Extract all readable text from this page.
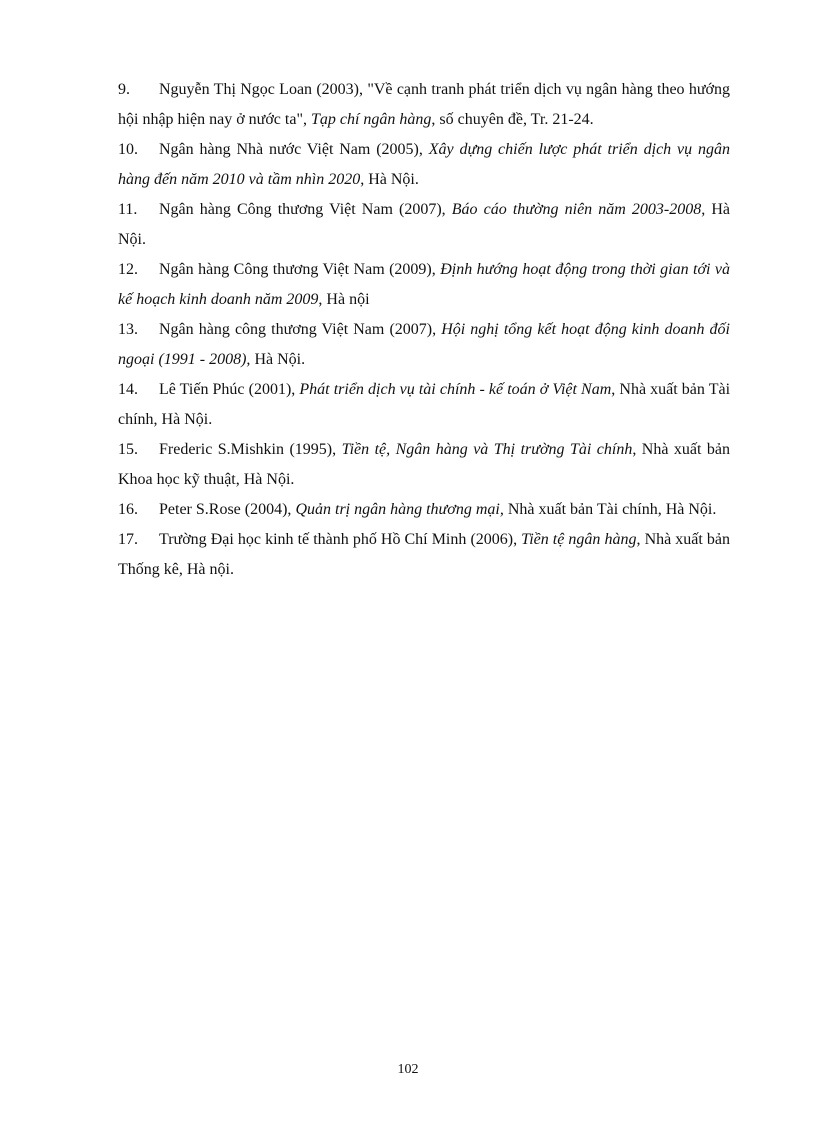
9. Nguyễn Thị Ngọc Loan (2003), "Về cạnh tranh phát triển dịch vụ ngân hàng theo hướng hội nhập hiện nay ở nước ta", Tạp chí ngân hàng, số chuyên đề, Tr. 21-24.

10. Ngân hàng Nhà nước Việt Nam (2005), Xây dựng chiến lược phát triển dịch vụ ngân hàng đến năm 2010 và tầm nhìn 2020, Hà Nội.

11. Ngân hàng Công thương Việt Nam (2007), Báo cáo thường niên năm 2003-2008, Hà Nội.

12. Ngân hàng Công thương Việt Nam (2009), Định hướng hoạt động trong thời gian tới và kế hoạch kinh doanh năm 2009, Hà nội

13. Ngân hàng công thương Việt Nam (2007), Hội nghị tổng kết hoạt động kinh doanh đối ngoại (1991 - 2008), Hà Nội.

14. Lê Tiến Phúc (2001), Phát triển dịch vụ tài chính - kế toán ở Việt Nam, Nhà xuất bản Tài chính, Hà Nội.

15. Frederic S.Mishkin (1995), Tiền tệ, Ngân hàng và Thị trường Tài chính, Nhà xuất bản Khoa học kỹ thuật, Hà Nội.

16. Peter S.Rose (2004), Quản trị ngân hàng thương mại, Nhà xuất bản Tài chính, Hà Nội.

17. Trường Đại học kinh tế thành phố Hồ Chí Minh (2006), Tiền tệ ngân hàng, Nhà xuất bản Thống kê, Hà nội.

102
